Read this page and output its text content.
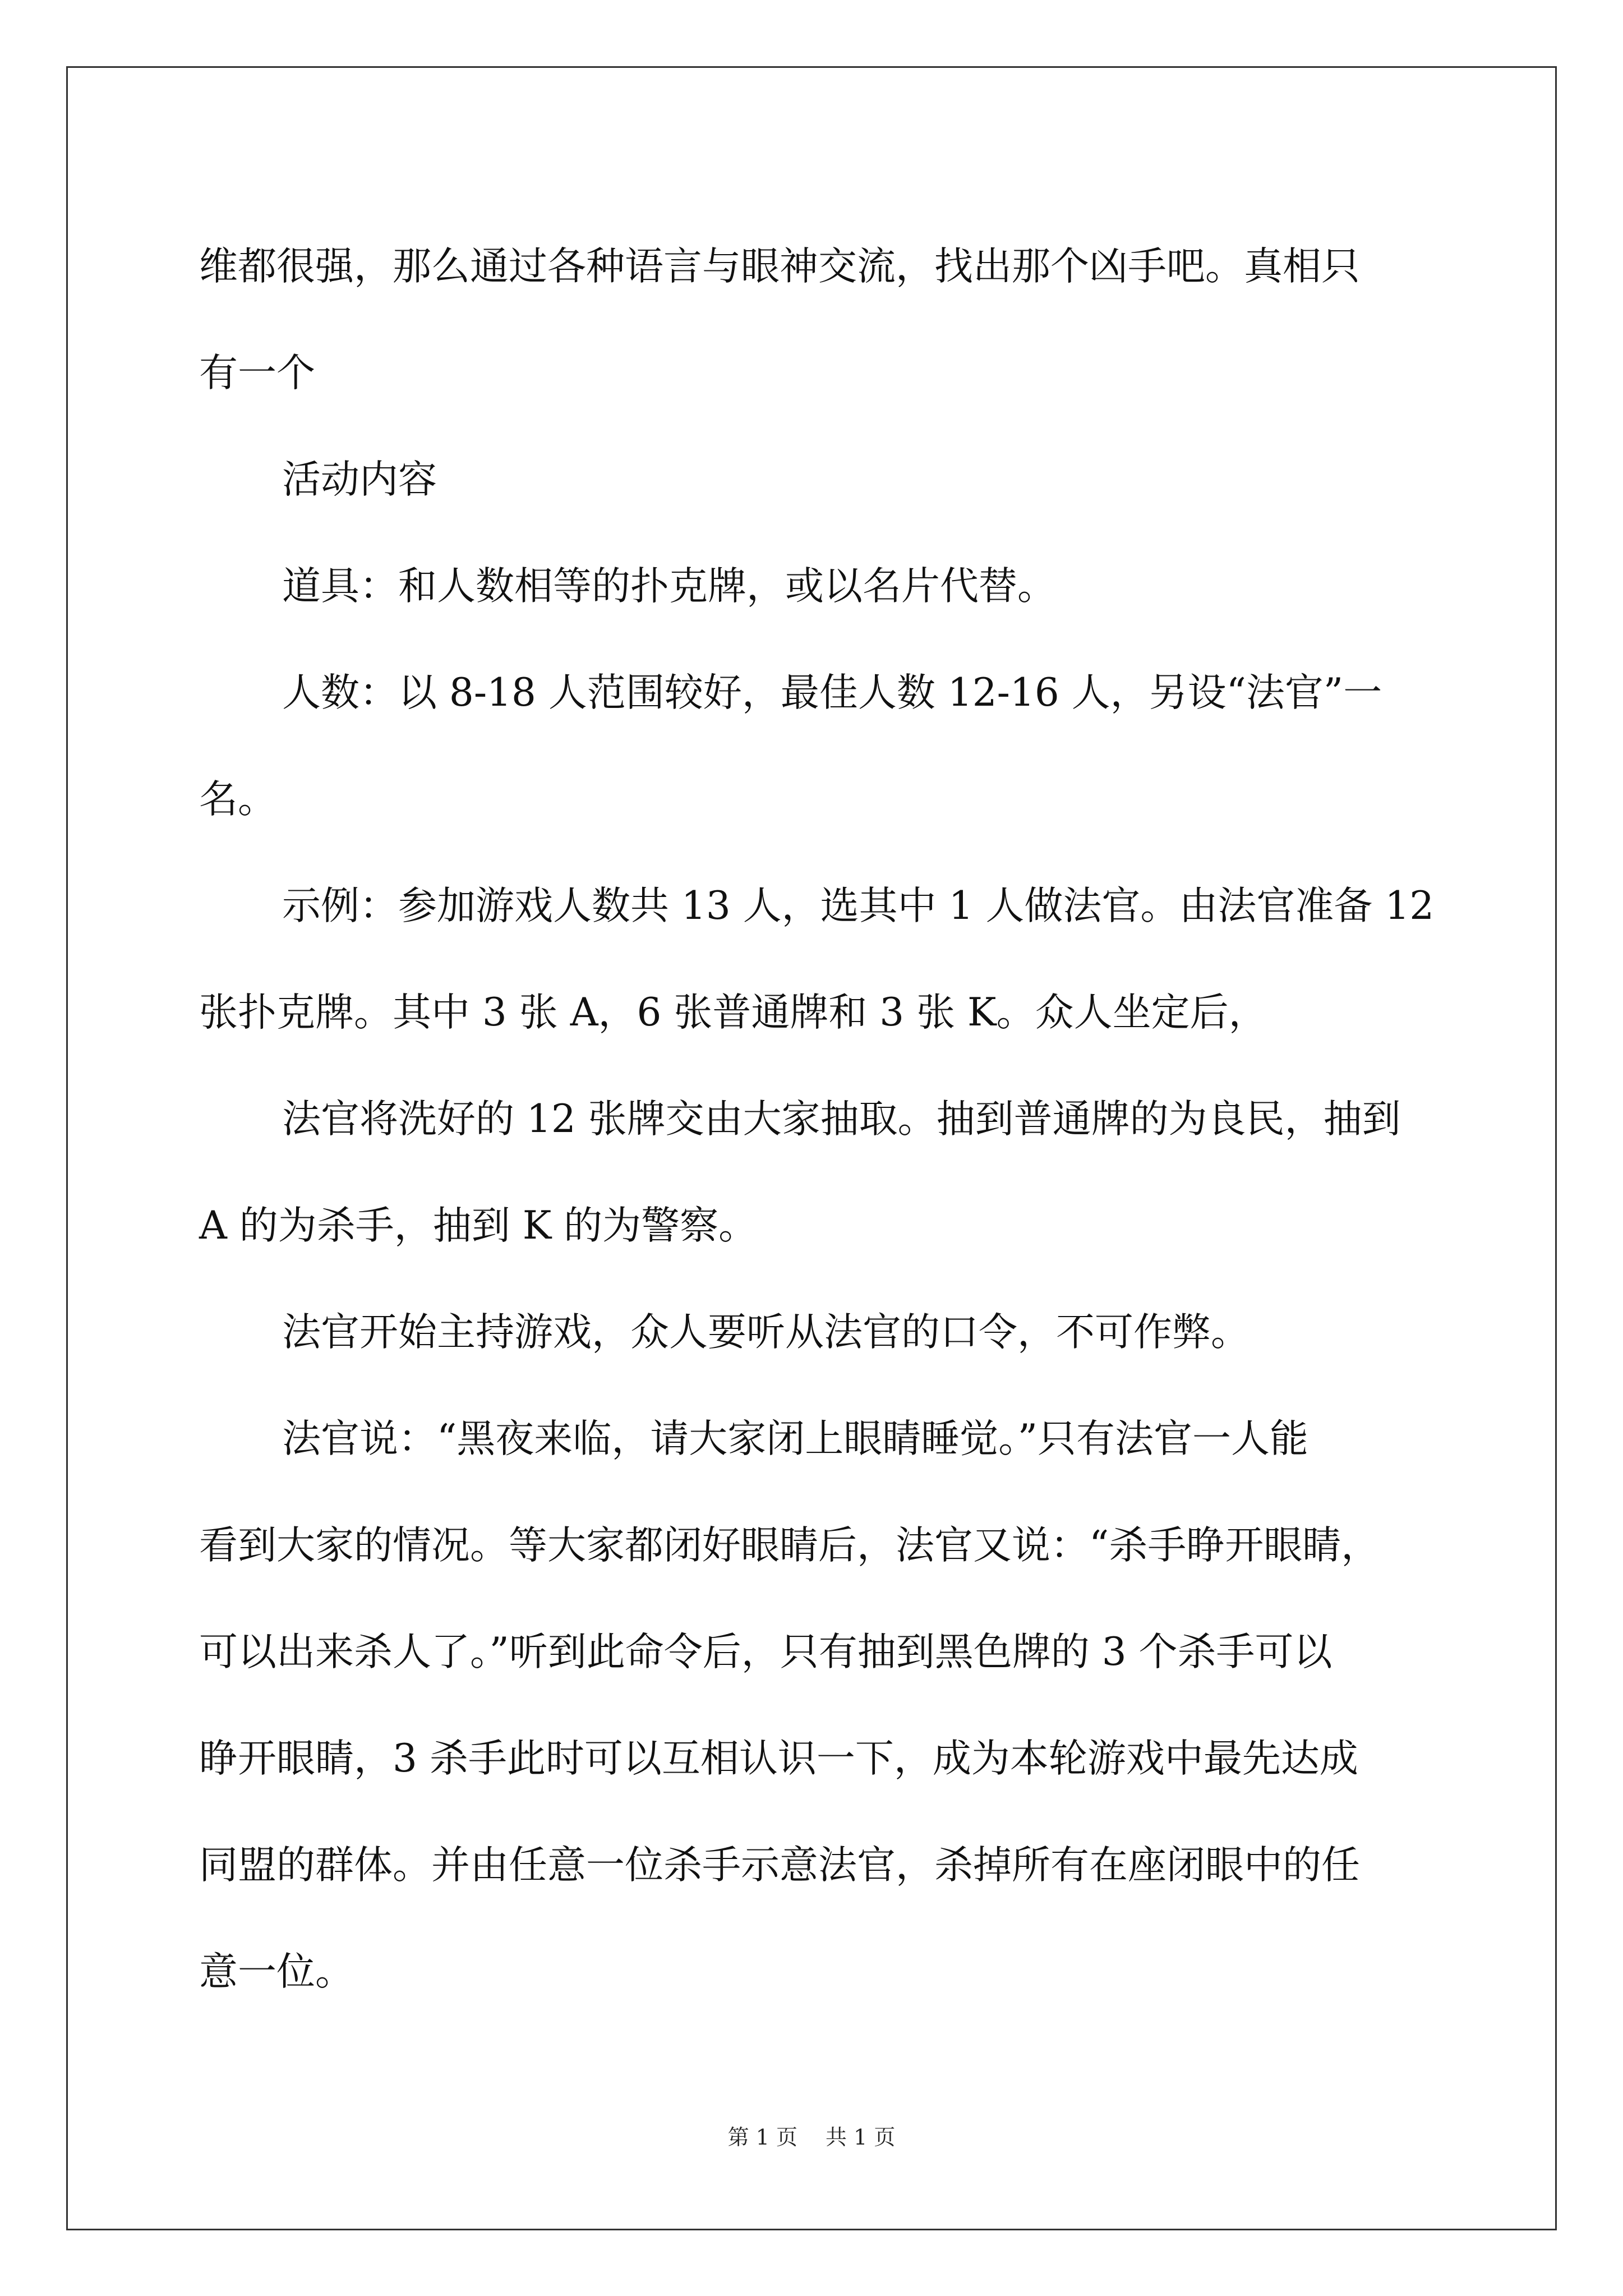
维都很强，那么通过各种语言与眼神交流，找出那个凶手吧。真相只
有一个
活动内容
道具：和人数相等的扑克牌，或以名片代替。
人数：以 8-18 人范围较好，最佳人数 12-16 人，另设“法官”一
名。
示例：参加游戏人数共 13 人，选其中 1 人做法官。由法官准备 12
张扑克牌。其中 3 张 A，6 张普通牌和 3 张 K。众人坐定后，
法官将洗好的 12 张牌交由大家抽取。抽到普通牌的为良民，抽到
A 的为杀手，抽到 K 的为警察。
法官开始主持游戏，众人要听从法官的口令，不可作弊。
法官说：“黑夜来临，请大家闭上眼睛睡觉。”只有法官一人能
看到大家的情况。等大家都闭好眼睛后，法官又说：“杀手睁开眼睛，
可以出来杀人了。”听到此命令后，只有抽到黑色牌的 3 个杀手可以
睁开眼睛，3 杀手此时可以互相认识一下，成为本轮游戏中最先达成
同盟的群体。并由任意一位杀手示意法官，杀掉所有在座闭眼中的任
意一位。
第 1 页 共 1 页
